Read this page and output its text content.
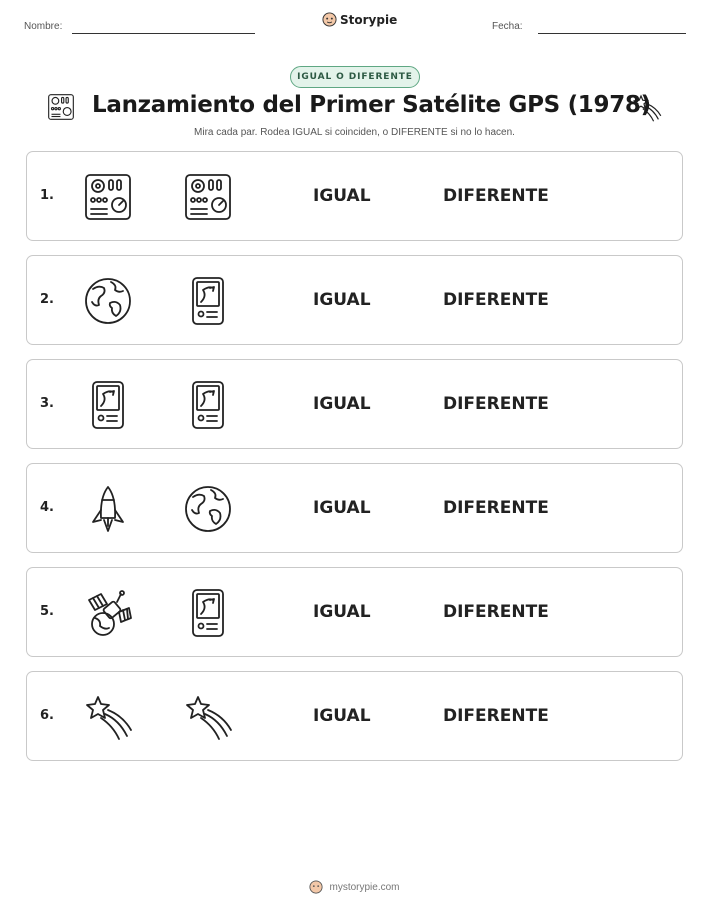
Nombre:	Storypie	Fecha:
IGUAL O DIFERENTE
Lanzamiento del Primer Satélite GPS (1978)
Mira cada par. Rodea IGUAL si coinciden, o DIFERENTE si no lo hacen.
1.	IGUAL	DIFERENTE
2.	IGUAL	DIFERENTE
3.	IGUAL	DIFERENTE
4.	IGUAL	DIFERENTE
5.	IGUAL	DIFERENTE
6.	IGUAL	DIFERENTE
mystorypie.com
